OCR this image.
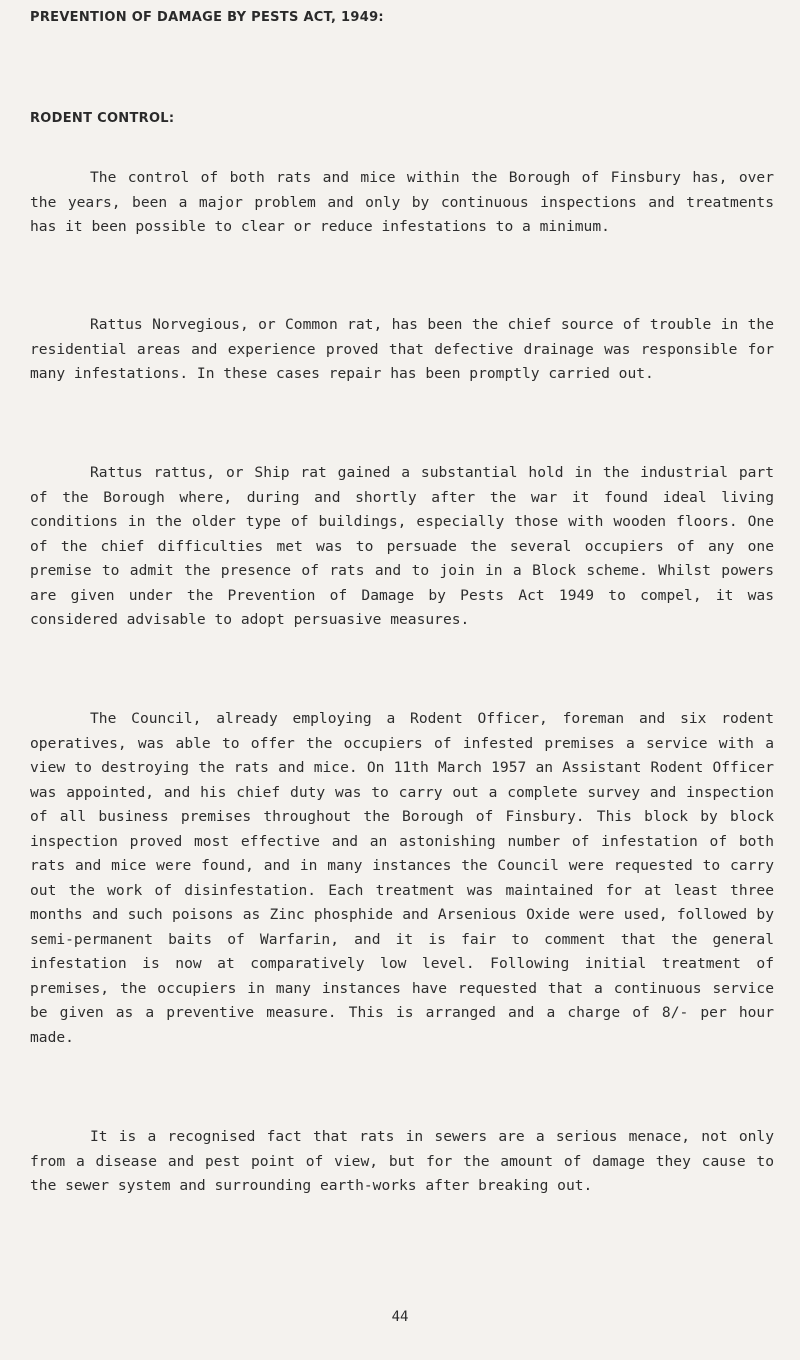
PREVENTION OF DAMAGE BY PESTS ACT, 1949:
RODENT CONTROL:

The control of both rats and mice within the Borough of Finsbury has, over the years, been a major problem and only by continuous inspections and treatments has it been possible to clear or reduce infestations to a minimum.

Rattus Norvegious, or Common rat, has been the chief source of trouble in the residential areas and experience proved that defective drainage was responsible for many infestations. In these cases repair has been promptly carried out.

Rattus rattus, or Ship rat gained a substantial hold in the industrial part of the Borough where, during and shortly after the war it found ideal living conditions in the older type of buildings, especially those with wooden floors. One of the chief difficulties met was to persuade the several occupiers of any one premise to admit the presence of rats and to join in a Block scheme. Whilst powers are given under the Prevention of Damage by Pests Act 1949 to compel, it was considered advisable to adopt persuasive measures.

The Council, already employing a Rodent Officer, foreman and six rodent operatives, was able to offer the occupiers of infested premises a service with a view to destroying the rats and mice. On 11th March 1957 an Assistant Rodent Officer was appointed, and his chief duty was to carry out a complete survey and inspection of all business premises throughout the Borough of Finsbury. This block by block inspection proved most effective and an astonishing number of infestation of both rats and mice were found, and in many instances the Council were requested to carry out the work of disinfestation. Each treatment was maintained for at least three months and such poisons as Zinc phosphide and Arsenious Oxide were used, followed by semi-permanent baits of Warfarin, and it is fair to comment that the general infestation is now at comparatively low level. Following initial treatment of premises, the occupiers in many instances have requested that a continuous service be given as a preventive measure. This is arranged and a charge of 8/- per hour made.

It is a recognised fact that rats in sewers are a serious menace, not only from a disease and pest point of view, but for the amount of damage they cause to the sewer system and surrounding earth-works after breaking out.

44
